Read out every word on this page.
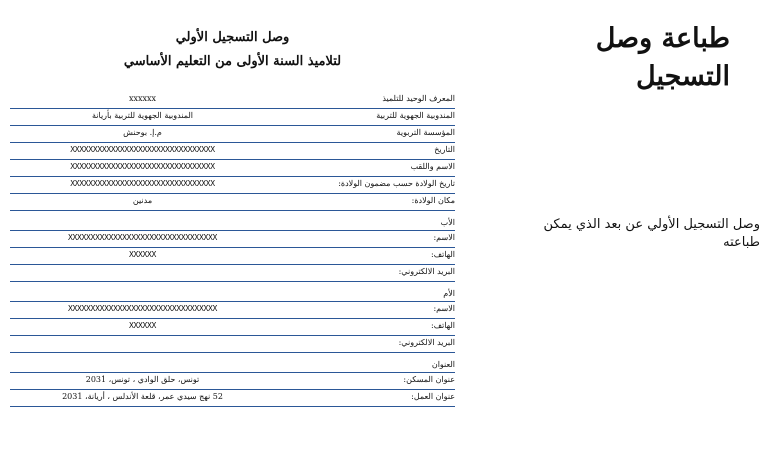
وصل التسجيل الأولي
لتلاميذ السنة الأولى من التعليم الأساسي
المعرف الوحيد للتلميذ
xxxxxx
المندوبية الجهوية للتربية
المندوبية الجهوية للتربية بأريانة
المؤسسة التربوية
م.إ. بوحنش
التاريخ
XXXXXXXXXXXXXXXXXXXXXXXXXXXXXXXX
الاسم واللقب
XXXXXXXXXXXXXXXXXXXXXXXXXXXXXXXX
تاريخ الولادة حسب مضمون الولادة:
XXXXXXXXXXXXXXXXXXXXXXXXXXXXXXXX
مكان الولادة:
مدنين
الأب
الاسم:
XXXXXXXXXXXXXXXXXXXXXXXXXXXXXXXXX
الهاتف:
XXXXXX
البريد الالكتروني:
الأم
الاسم:
XXXXXXXXXXXXXXXXXXXXXXXXXXXXXXXXX
الهاتف:
XXXXXX
البريد الالكتروني:
العنوان
عنوان المسكن:
تونس، حلق الوادي ، تونس، 2031
عنوان العمل:
52 نهج سيدي عمر، قلعة الأندلس ، أريانة، 2031
طباعة وصل التسجيل
وصل التسجيل الأولي عن بعد الذي يمكن طباعته
